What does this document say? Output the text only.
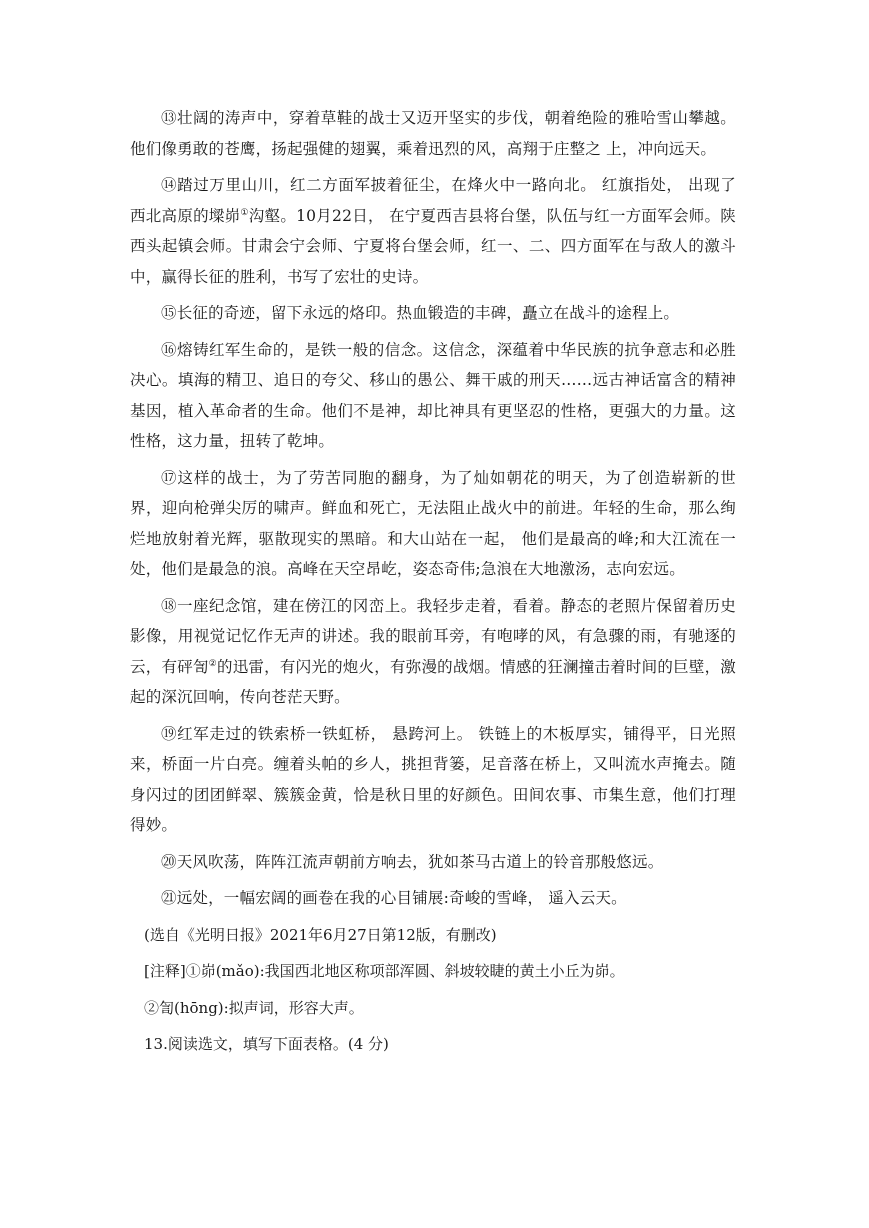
⑬壮阔的涛声中，穿着草鞋的战士又迈开坚实的步伐，朝着绝险的雅哈雪山攀越。他们像勇敢的苍鹰，扬起强健的翅翼，乘着迅烈的风，高翔于庄整之 上，冲向远天。

⑭踏过万里山川，红二方面军披着征尘，在烽火中一路向北。 红旗指处， 出现了西北高原的墚峁①沟壑。10月22日， 在宁夏西吉县将台堡，队伍与红一方面军会师。陕西头起镇会师。甘肃会宁会师、宁夏将台堡会师，红一、二、四方面军在与敌人的激斗中，赢得长征的胜利，书写了宏壮的史诗。

⑮长征的奇迹，留下永远的烙印。热血锻造的丰碑，矗立在战斗的途程上。

⑯熔铸红军生命的，是铁一般的信念。这信念，深蕴着中华民族的抗争意志和必胜决心。填海的精卫、追日的夸父、移山的愚公、舞干戚的刑天……远古神话富含的精神基因，植入革命者的生命。他们不是神，却比神具有更坚忍的性格，更强大的力量。这性格，这力量，扭转了乾坤。

⑰这样的战士，为了劳苦同胞的翻身，为了灿如朝花的明天，为了创造崭新的世界，迎向枪弹尖厉的啸声。鲜血和死亡，无法阻止战火中的前进。年轻的生命，那么绚烂地放射着光辉，驱散现实的黑暗。和大山站在一起， 他们是最高的峰;和大江流在一处，他们是最急的浪。高峰在天空昂屹，姿态奇伟;急浪在大地激汤，志向宏远。

⑱一座纪念馆，建在傍江的冈峦上。我轻步走着，看着。静态的老照片保留着历史影像，用视觉记忆作无声的讲述。我的眼前耳旁，有咆哮的风，有急骤的雨，有驰逐的云，有砰訇②的迅雷，有闪光的炮火，有弥漫的战烟。情感的狂澜撞击着时间的巨壁，激起的深沉回响，传向苍茫天野。

⑲红军走过的铁索桥一铁虹桥， 悬跨河上。 铁链上的木板厚实，铺得平，日光照来，桥面一片白亮。缠着头帕的乡人，挑担背篓，足音落在桥上，又叫流水声掩去。随身闪过的团团鲜翠、簇簇金黄，恰是秋日里的好颜色。田间农事、市集生意，他们打理得妙。

⑳天风吹荡，阵阵江流声朝前方响去，犹如茶马古道上的铃音那般悠远。

㉑远处，一幅宏阔的画卷在我的心目铺展:奇峻的雪峰， 遥入云天。

(选自《光明日报》2021年6月27日第12版，有删改)

[注释]①峁(mǎo):我国西北地区称项部浑圆、斜坡较睫的黄土小丘为峁。

②訇(hōng):拟声词，形容大声。

13.阅读选文，填写下面表格。(4 分)
